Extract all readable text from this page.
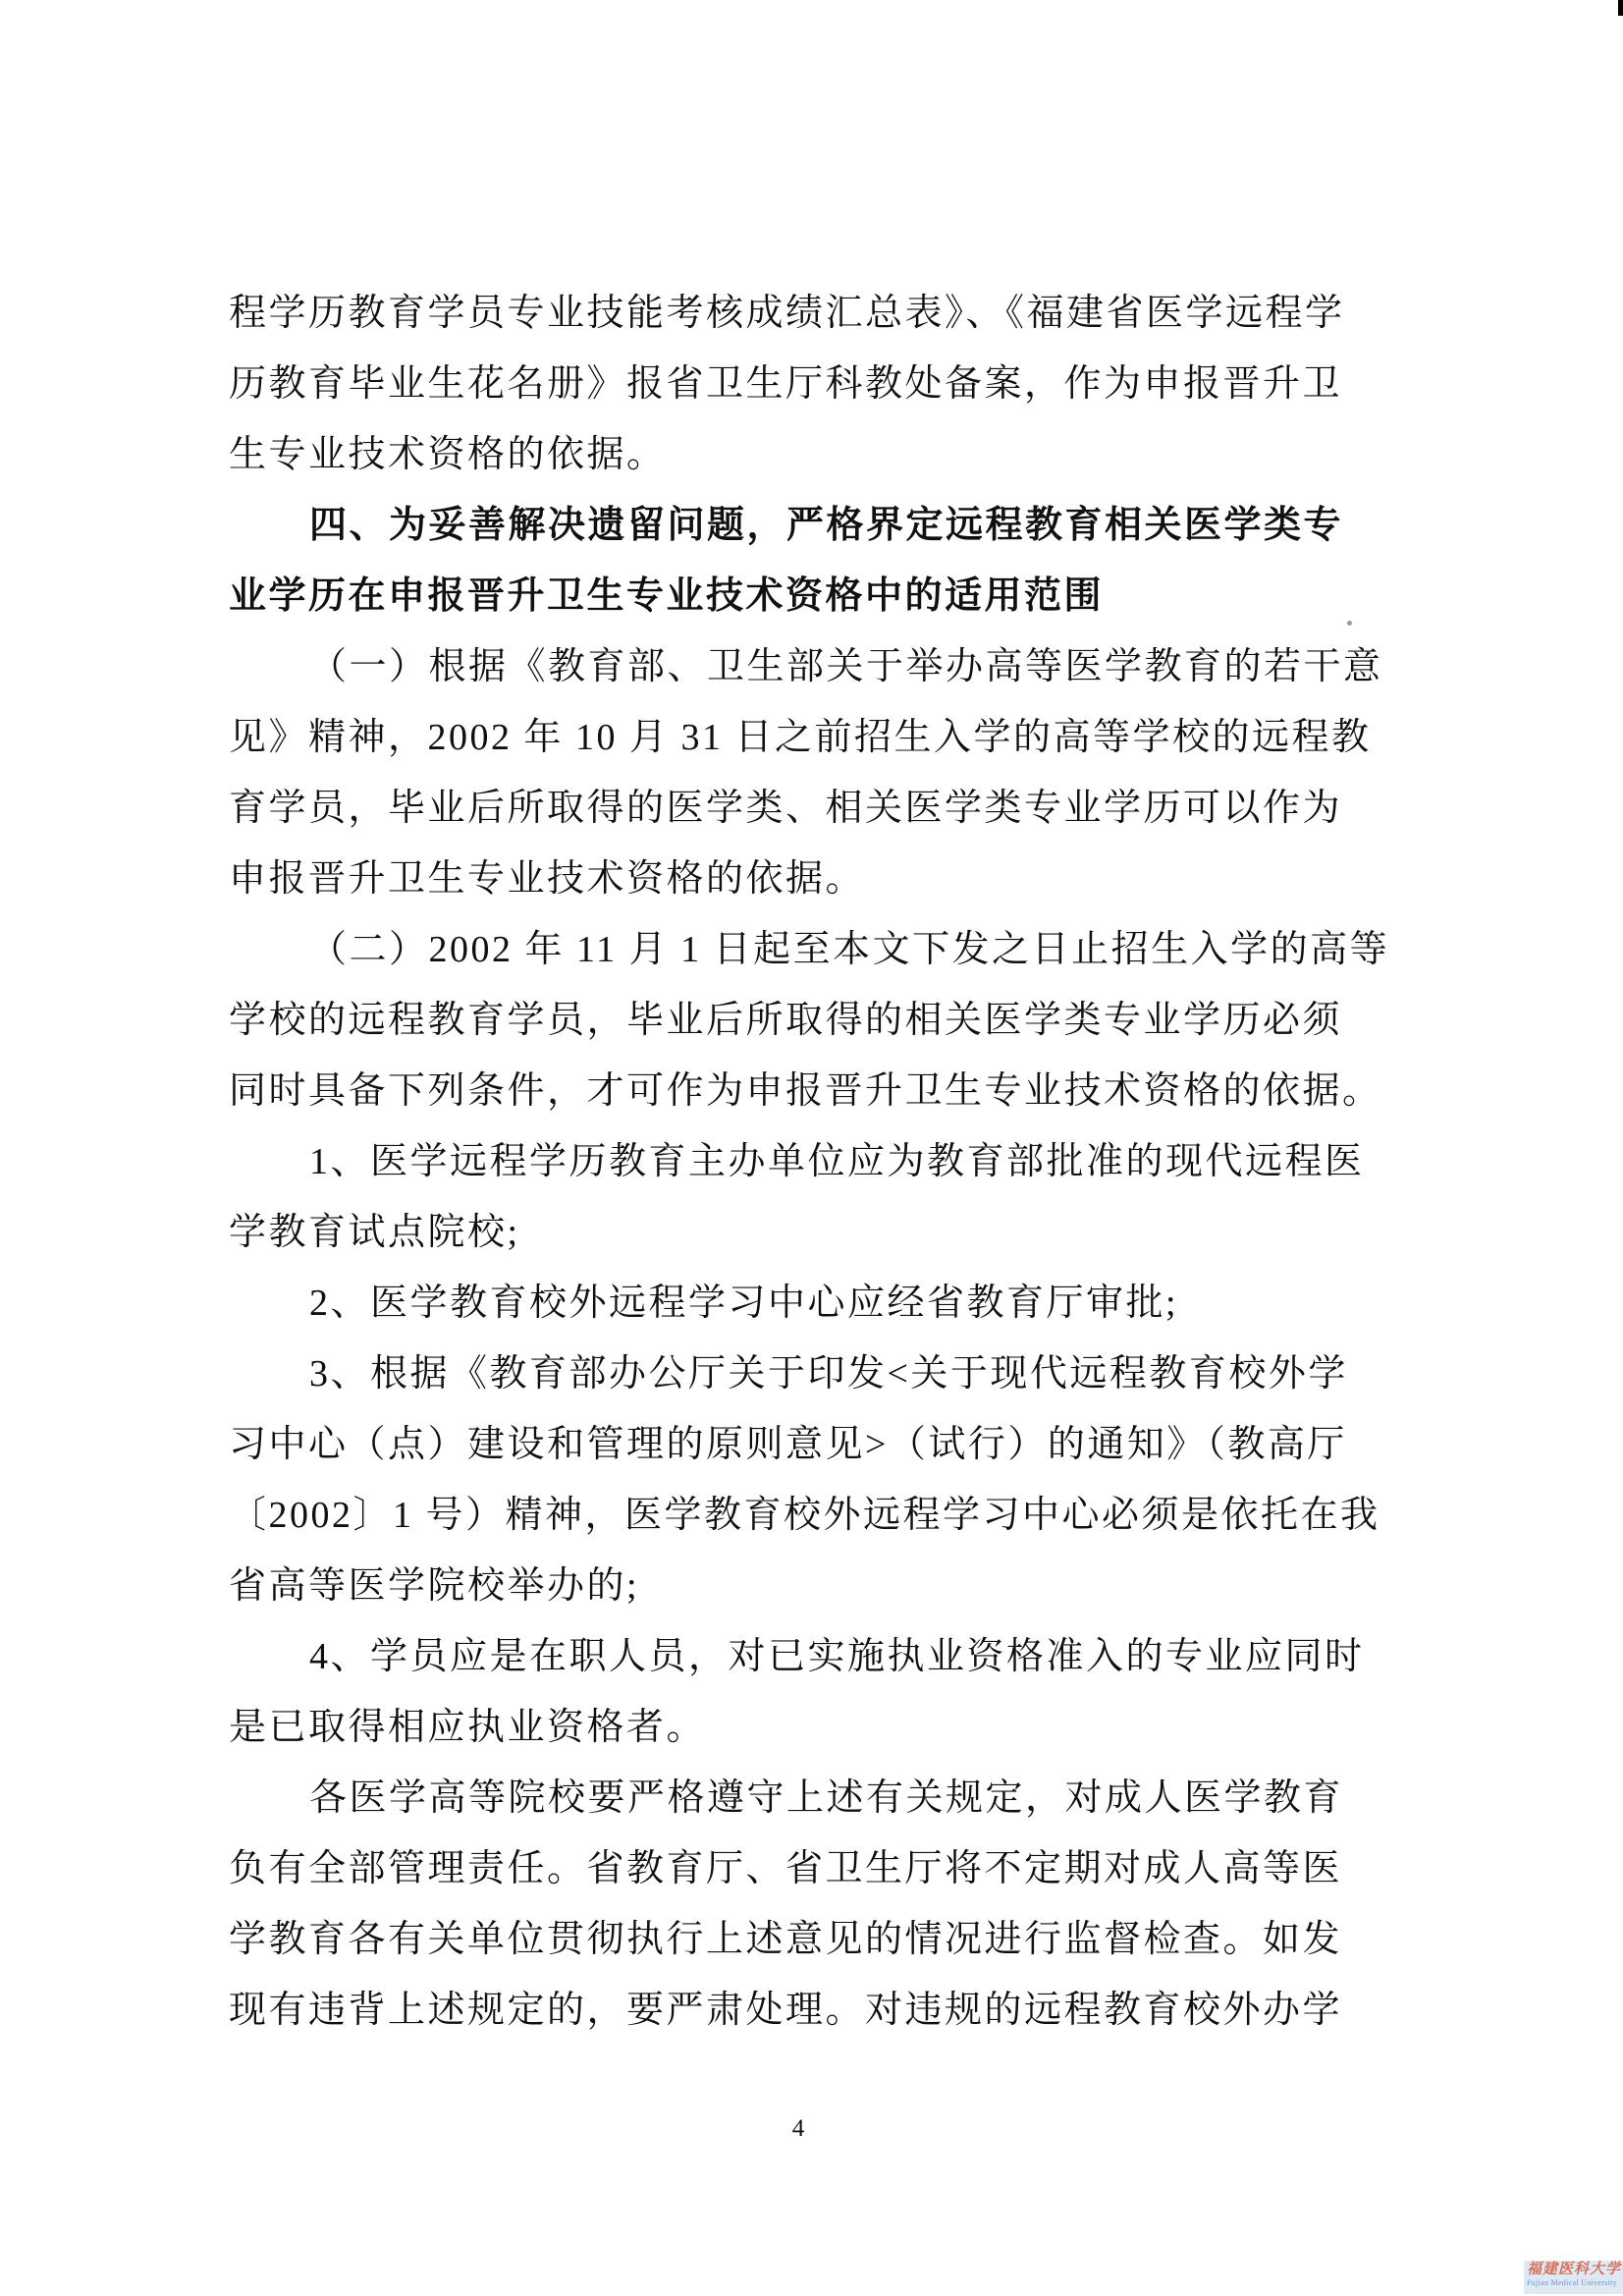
程学历教育学员专业技能考核成绩汇总表》、《福建省医学远程学
历教育毕业生花名册》报省卫生厅科教处备案，作为申报晋升卫
生专业技术资格的依据。
四、为妥善解决遗留问题，严格界定远程教育相关医学类专
业学历在申报晋升卫生专业技术资格中的适用范围
（一）根据《教育部、卫生部关于举办高等医学教育的若干意
见》精神，2002 年 10 月 31 日之前招生入学的高等学校的远程教
育学员，毕业后所取得的医学类、相关医学类专业学历可以作为
申报晋升卫生专业技术资格的依据。
（二）2002 年 11 月 1 日起至本文下发之日止招生入学的高等
学校的远程教育学员，毕业后所取得的相关医学类专业学历必须
同时具备下列条件，才可作为申报晋升卫生专业技术资格的依据。
1、医学远程学历教育主办单位应为教育部批准的现代远程医
学教育试点院校;
2、医学教育校外远程学习中心应经省教育厅审批;
3、根据《教育部办公厅关于印发<关于现代远程教育校外学
习中心（点）建设和管理的原则意见>（试行）的通知》（教高厅
〔2002〕1 号）精神，医学教育校外远程学习中心必须是依托在我
省高等医学院校举办的;
4、学员应是在职人员，对已实施执业资格准入的专业应同时
是已取得相应执业资格者。
各医学高等院校要严格遵守上述有关规定，对成人医学教育
负有全部管理责任。省教育厅、省卫生厅将不定期对成人高等医
学教育各有关单位贯彻执行上述意见的情况进行监督检查。如发
现有违背上述规定的，要严肃处理。对违规的远程教育校外办学
4
福建医科大学
Fujian Medical University
